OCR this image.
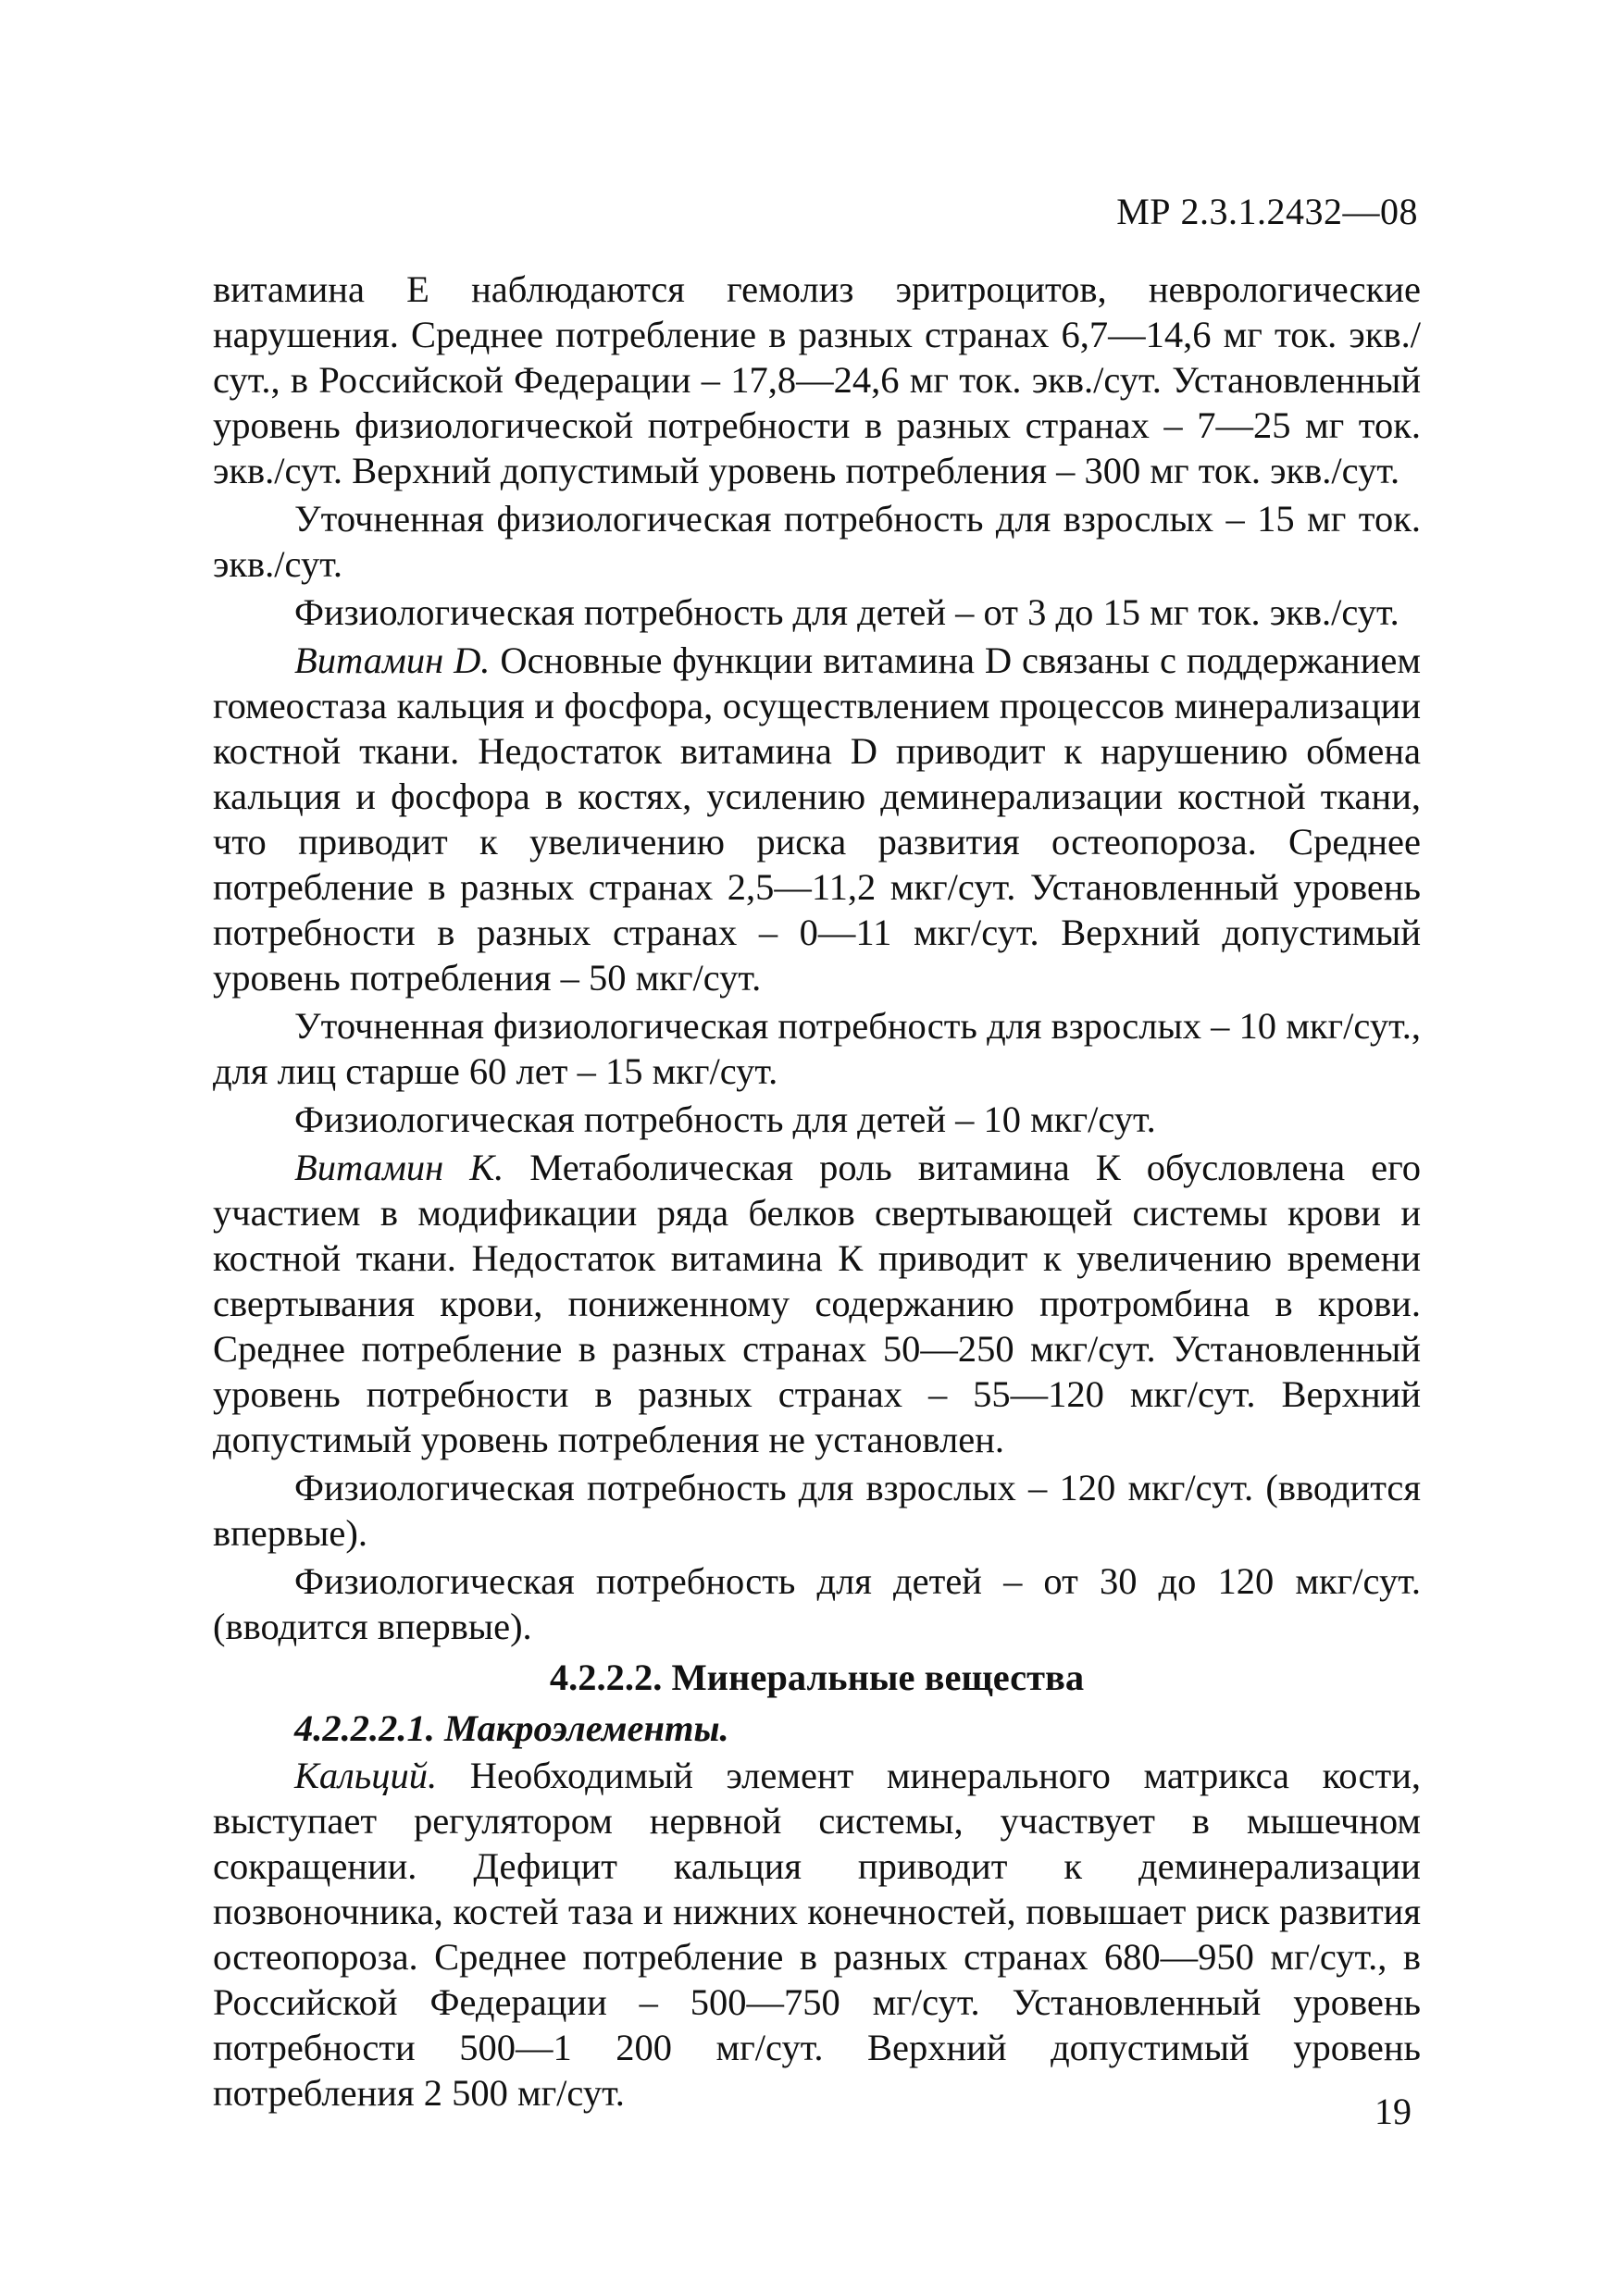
МР 2.3.1.2432—08

витамина Е наблюдаются гемолиз эритроцитов, неврологические нарушения. Среднее потребление в разных странах 6,7—14,6 мг ток. экв./сут., в Российской Федерации – 17,8—24,6 мг ток. экв./сут. Установленный уровень физиологической потребности в разных странах – 7—25 мг ток. экв./сут. Верхний допустимый уровень потребления – 300 мг ток. экв./сут.

Уточненная физиологическая потребность для взрослых – 15 мг ток. экв./сут.

Физиологическая потребность для детей – от 3 до 15 мг ток. экв./сут.

Витамин D. Основные функции витамина D связаны с поддержанием гомеостаза кальция и фосфора, осуществлением процессов минерализации костной ткани. Недостаток витамина D приводит к нарушению обмена кальция и фосфора в костях, усилению деминерализации костной ткани, что приводит к увеличению риска развития остеопороза. Среднее потребление в разных странах 2,5—11,2 мкг/сут. Установленный уровень потребности в разных странах – 0—11 мкг/сут. Верхний допустимый уровень потребления – 50 мкг/сут.

Уточненная физиологическая потребность для взрослых – 10 мкг/сут., для лиц старше 60 лет – 15 мкг/сут.

Физиологическая потребность для детей – 10 мкг/сут.

Витамин К. Метаболическая роль витамина К обусловлена его участием в модификации ряда белков свертывающей системы крови и костной ткани. Недостаток витамина К приводит к увеличению времени свертывания крови, пониженному содержанию протромбина в крови. Среднее потребление в разных странах 50—250 мкг/сут. Установленный уровень потребности в разных странах – 55—120 мкг/сут. Верхний допустимый уровень потребления не установлен.

Физиологическая потребность для взрослых – 120 мкг/сут. (вводится впервые).

Физиологическая потребность для детей – от 30 до 120 мкг/сут. (вводится впервые).

4.2.2.2. Минеральные вещества
4.2.2.2.1. Макроэлементы.

Кальций. Необходимый элемент минерального матрикса кости, выступает регулятором нервной системы, участвует в мышечном сокращении. Дефицит кальция приводит к деминерализации позвоночника, костей таза и нижних конечностей, повышает риск развития остеопороза. Среднее потребление в разных странах 680—950 мг/сут., в Российской Федерации – 500—750 мг/сут. Установленный уровень потребности 500—1 200 мг/сут. Верхний допустимый уровень потребления 2 500 мг/сут.	19
